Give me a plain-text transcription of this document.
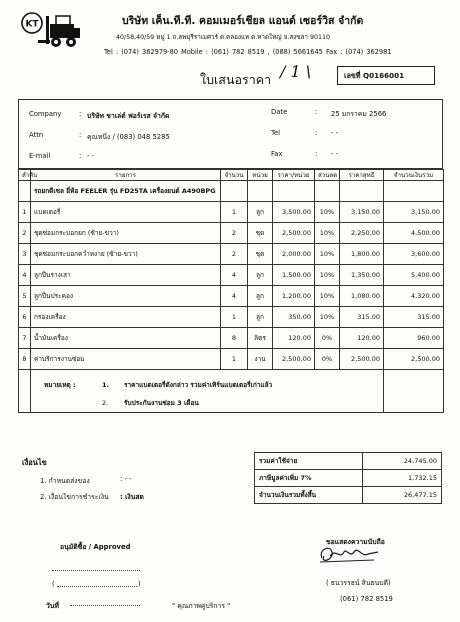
KT	บริษัท เค็น.ที.ที. คอมเมอร์เชียล แอนด์ เซอร์วิส จำกัด
40/58,40/59 หมู่ 1 ถ.ลพบุรีราเมศวร์ ต.คลองแห ต.หาดใหญ่ จ.สงขลา 90110
Tel : (074) 362979-80 Mobile : (061) 782 8519 , (088) 5661645 Fax : (074) 362981
ใบเสนอราคา / 1 \	เลขที่ Q0166001
Company	: บริษัท ชาเล่ต์ ฟอร์เรส จำกัด
Attn	: คุณหนึ่ง / (083) 048 5285
E-mail	: - -
Date	: 25 มกราคม 2566
Tel	: - -
Fax	: - -
ลำดับ	รายการ	จำนวน	หน่วย	ราคา/หน่วย	ส่วนลด	ราคาสุทธิ	จำนวนเงินรวม
	รถยกดีเซล ยี่ห้อ FEELER รุ่น FD25TA เครื่องยนต์ A490BPG						
1	แบตเตอรี่	1	ลูก	3,500.00	10%	3,150.00	3,150.00
2	ชุดซ่อมกระบอกยก (ซ้าย-ขวา)	2	ชุด	2,500.00	10%	2,250.00	4,500.00
3	ชุดซ่อมกระบอกคว่ำหงาย (ซ้าย-ขวา)	2	ชุด	2,000.00	10%	1,800.00	3,600.00
4	ลูกปืนรางเสา	4	ลูก	1,500.00	10%	1,350.00	5,400.00
5	ลูกปืนประคอง	4	ลูก	1,200.00	10%	1,080.00	4,320.00
6	กรองเครื่อง	1	ลูก	350.00	10%	315.00	315.00
7	น้ำมันเครื่อง	8	ลิตร	120.00	0%	120.00	960.00
8	ค่าบริการงานซ่อม	1	งาน	2,500.00	0%	2,500.00	2,500.00

	หมายเหตุ : 1. ราคาแบตเตอรี่ดังกล่าว รวมค่าเทิร์นแบตเตอรี่เก่าแล้ว
2. รับประกันงานซ่อม 3 เดือน						

เงื่อนไข
1. กำหนดส่งของ	: - -
2. เงื่อนไขการชำระเงิน : เงินสด
รวมค่าใช้จ่าย	24,745.00
ภาษีมูลค่าเพิ่ม 7%	1,732.15
จำนวนเงินรวมทั้งสิ้น	26,477.15
อนุมัติซื้อ / Approved
(	)
วันที่	" คุณภาพคู่บริการ "
ขอแสดงความนับถือ
( ธนวรรธน์ สินธนบดี)
(061) 782 8519
